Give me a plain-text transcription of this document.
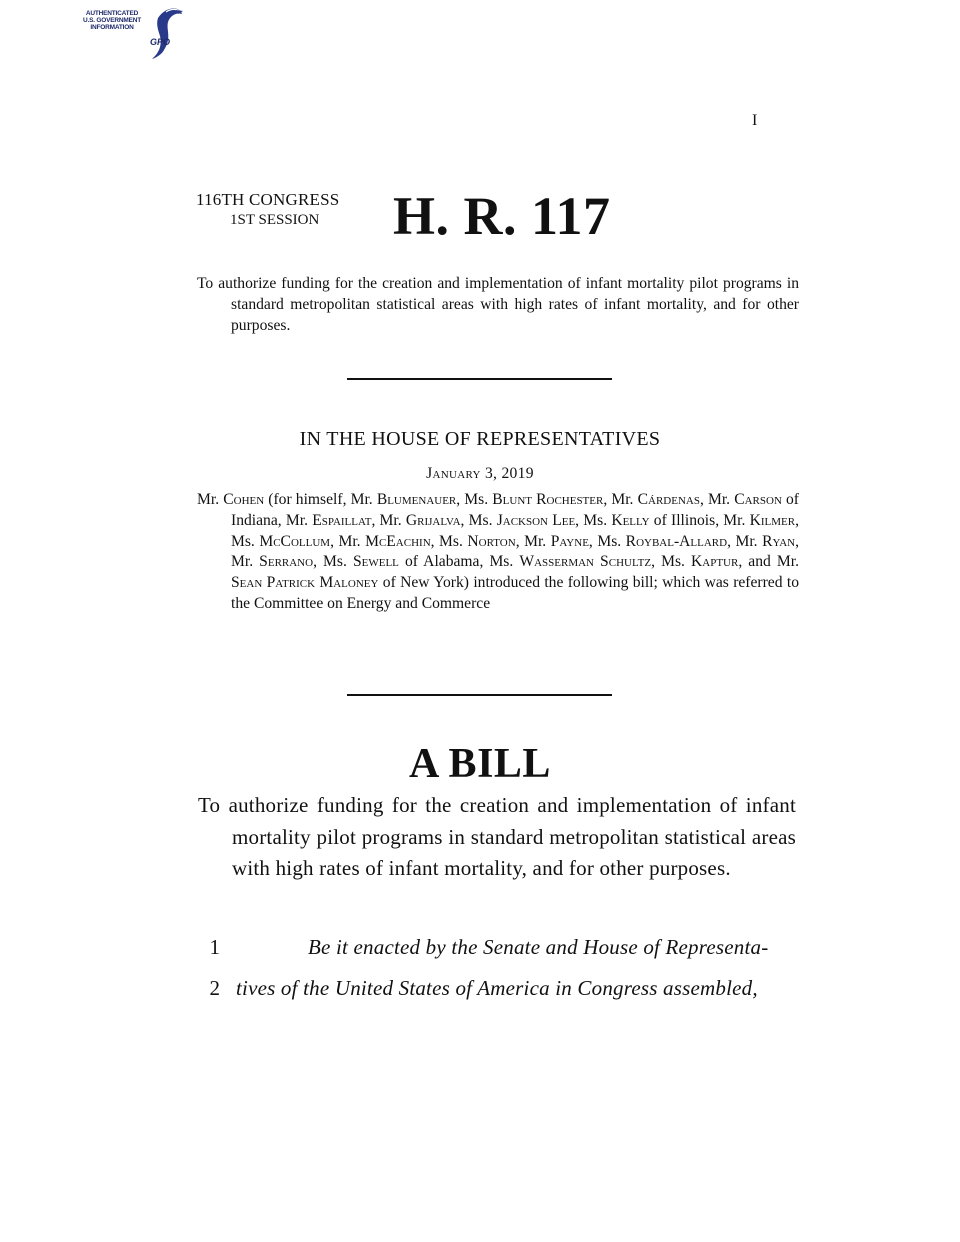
AUTHENTICATED
U.S. GOVERNMENT
INFORMATION
GPO
I
116TH CONGRESS
1ST SESSION	H. R. 117
To authorize funding for the creation and implementation of infant mortality pilot programs in standard metropolitan statistical areas with high rates of infant mortality, and for other purposes.
IN THE HOUSE OF REPRESENTATIVES
January 3, 2019
Mr. Cohen (for himself, Mr. Blumenauer, Ms. Blunt Rochester, Mr. Cárdenas, Mr. Carson of Indiana, Mr. Espaillat, Mr. Grijalva, Ms. Jackson Lee, Ms. Kelly of Illinois, Mr. Kilmer, Ms. McCollum, Mr. McEachin, Ms. Norton, Mr. Payne, Ms. Roybal-Allard, Mr. Ryan, Mr. Serrano, Ms. Sewell of Alabama, Ms. Wasserman Schultz, Ms. Kaptur, and Mr. Sean Patrick Maloney of New York) introduced the following bill; which was referred to the Committee on Energy and Commerce
A BILL
To authorize funding for the creation and implementation of infant mortality pilot programs in standard metropolitan statistical areas with high rates of infant mortality, and for other purposes.
1	Be it enacted by the Senate and House of Representa-
2 tives of the United States of America in Congress assembled,
